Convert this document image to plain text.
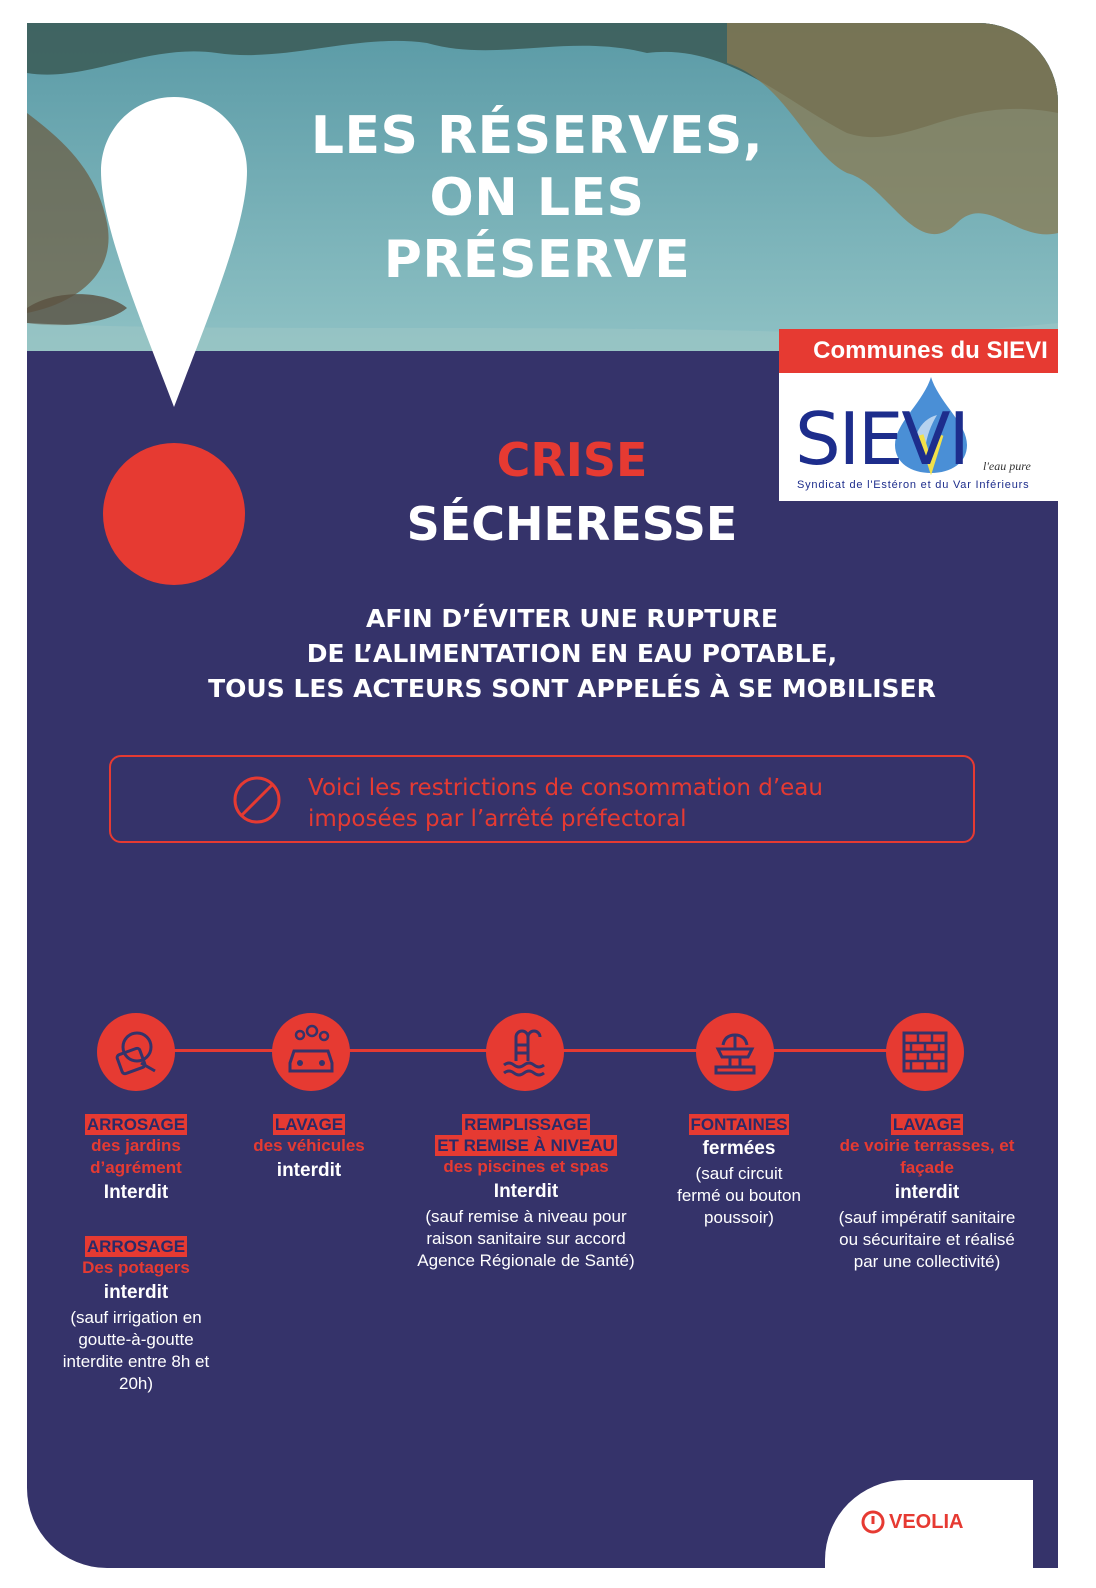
LES RÉSERVES,
ON LES
PRÉSERVE
Communes du SIEVI
SIEVI l'eau pure
Syndicat de l'Estéron et du Var Inférieurs
CRISE
SÉCHERESSE

AFIN D’ÉVITER UNE RUPTURE
DE L’ALIMENTATION EN EAU POTABLE,
TOUS LES ACTEURS SONT APPELÉS À SE MOBILISER

Voici les restrictions de consommation d’eau
imposées par l’arrêté préfectoral
ARROSAGE
des jardins
d’agrément
Interdit
ARROSAGE
Des potagers
interdit
(sauf irrigation en
goutte-à-goutte
interdite entre 8h et
20h)
LAVAGE
des véhicules
interdit
REMPLISSAGE
ET REMISE À NIVEAU
des piscines et spas
Interdit
(sauf remise à niveau pour
raison sanitaire sur accord
Agence Régionale de Santé)
FONTAINES
fermées
(sauf circuit
fermé ou bouton
poussoir)
LAVAGE
de voirie terrasses, et
façade
interdit
(sauf impératif sanitaire
ou sécuritaire et réalisé
par une collectivité)
VEOLIA
